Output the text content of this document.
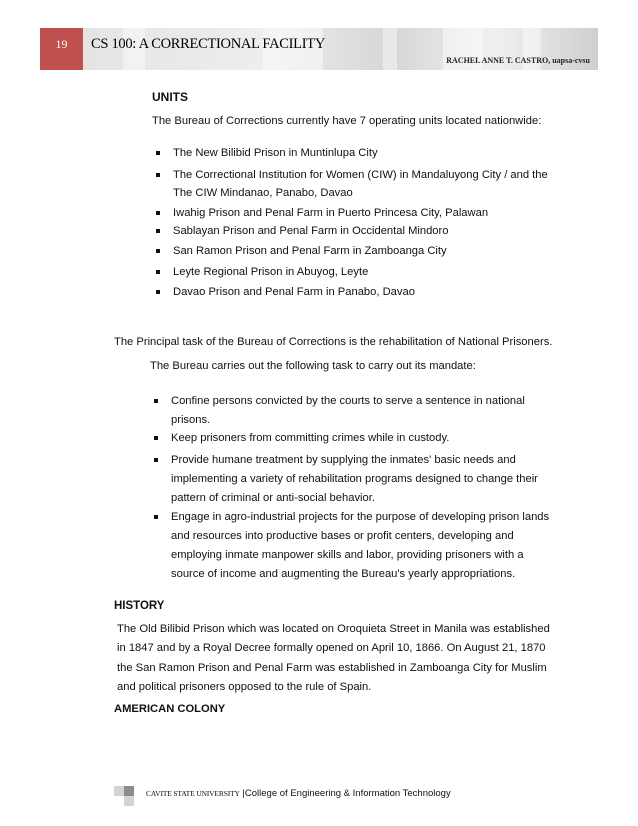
19 CS 100: A CORRECTIONAL FACILITY
RACHEL ANNE T. CASTRO, uapsa-cvsu
UNITS
The Bureau of Corrections currently have 7 operating units located nationwide:
The New Bilibid Prison in Muntinlupa City
The Correctional Institution for Women (CIW) in Mandaluyong City / and the
The CIW Mindanao, Panabo, Davao
Iwahig Prison and Penal Farm in Puerto Princesa City, Palawan
Sablayan Prison and Penal Farm in Occidental Mindoro
San Ramon Prison and Penal Farm in Zamboanga City
Leyte Regional Prison in Abuyog, Leyte
Davao Prison and Penal Farm in Panabo, Davao
The Principal task of the Bureau of Corrections is the rehabilitation of National Prisoners.
The Bureau carries out the following task to carry out its mandate:
Confine persons convicted by the courts to serve a sentence in national
prisons.
Keep prisoners from committing crimes while in custody.
Provide humane treatment by supplying the inmates' basic needs and
implementing a variety of rehabilitation programs designed to change their
pattern of criminal or anti-social behavior.
Engage in agro-industrial projects for the purpose of developing prison lands
and resources into productive bases or profit centers, developing and
employing inmate manpower skills and labor, providing prisoners with a
source of income and augmenting the Bureau's yearly appropriations.
HISTORY
The Old Bilibid Prison which was located on Oroquieta Street in Manila was established
in 1847 and by a Royal Decree formally opened on April 10, 1866. On August 21, 1870
the San Ramon Prison and Penal Farm was established in Zamboanga City for Muslim
and political prisoners opposed to the rule of Spain.
AMERICAN COLONY
CAVITE STATE UNIVERSITY |College of Engineering & Information Technology
